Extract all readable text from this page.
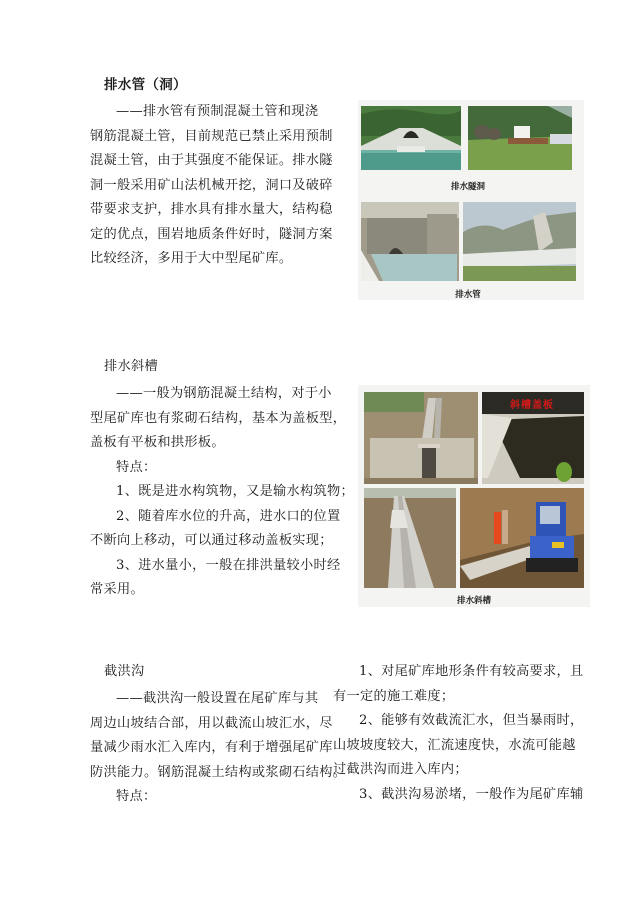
排水管（洞）
——排水管有预制混凝土管和现浇
钢筋混凝土管，目前规范已禁止采用预制
混凝土管，由于其强度不能保证。排水隧
洞一般采用矿山法机械开挖，洞口及破碎
带要求支护，排水具有排水量大，结构稳
定的优点，围岩地质条件好时，隧洞方案
比较经济，多用于大中型尾矿库。
排水隧洞
排水管
排水斜槽
——一般为钢筋混凝土结构，对于小
型尾矿库也有浆砌石结构，基本为盖板型，
盖板有平板和拱形板。
特点：
1、既是进水构筑物，又是输水构筑物；
2、随着库水位的升高，进水口的位置
不断向上移动，可以通过移动盖板实现；
3、进水量小，一般在排洪量较小时经
常采用。
斜槽盖板
排水斜槽
截洪沟
——截洪沟一般设置在尾矿库与其
周边山坡结合部，用以截流山坡汇水，尽
量减少雨水汇入库内，有利于增强尾矿库
防洪能力。钢筋混凝土结构或浆砌石结构。
特点：
1、对尾矿库地形条件有较高要求，且
有一定的施工难度；
2、能够有效截流汇水，但当暴雨时，
山坡坡度较大，汇流速度快，水流可能越
过截洪沟而进入库内；
3、截洪沟易淤堵，一般作为尾矿库辅
